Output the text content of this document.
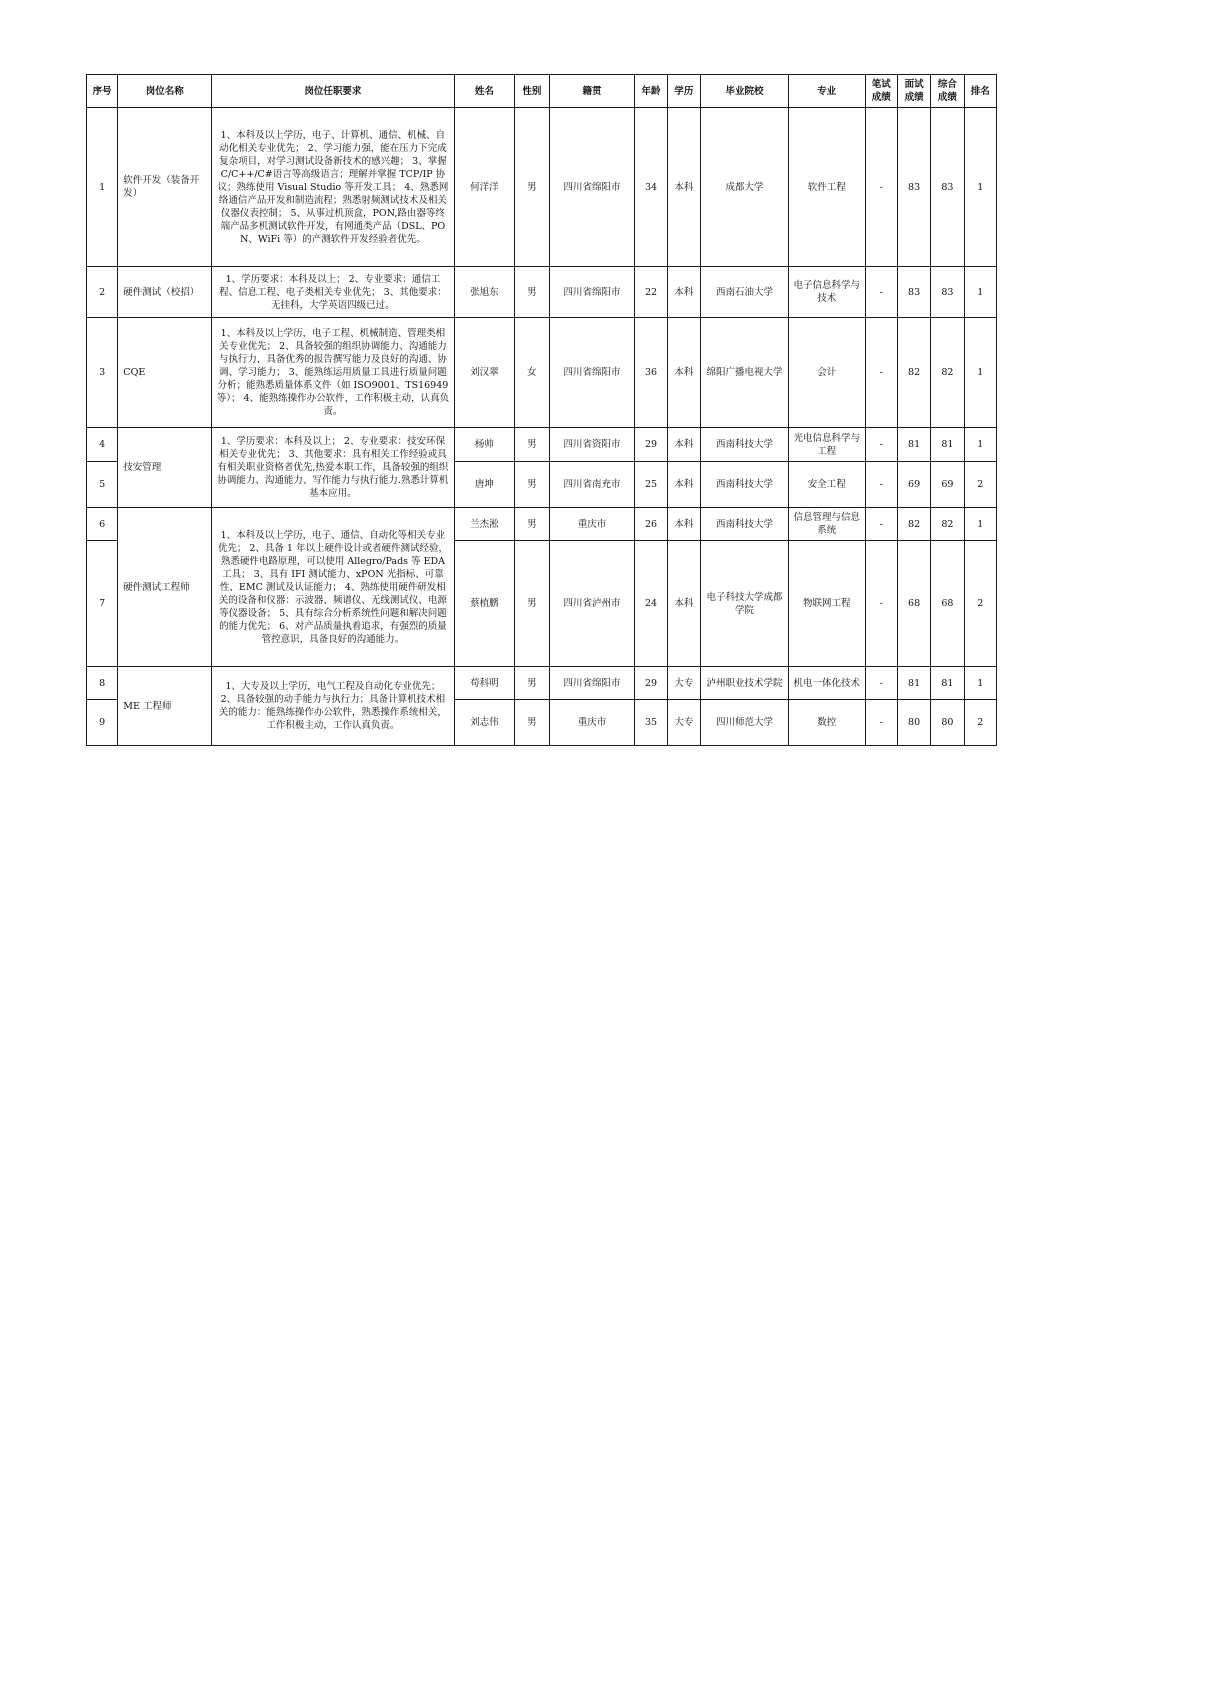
序号	岗位名称	岗位任职要求	姓名	性别	籍贯	年龄	学历	毕业院校	专业	笔试成绩	面试成绩	综合成绩	排名
1	软件开发（装备开发）	1、本科及以上学历，电子、计算机、通信、机械、自动化相关专业优先； 2、学习能力强，能在压力下完成复杂项目，对学习测试设备新技术的感兴趣； 3、掌握 C/C++/C#语言等高级语言；理解并掌握 TCP/IP 协议；熟练使用 Visual Studio 等开发工具； 4、熟悉网络通信产品开发和制造流程；熟悉射频测试技术及相关仪器仪表控制； 5、从事过机顶盒，PON,路由器等终端产品多机测试软件开发，有网通类产品（DSL、PON、WiFi 等）的产测软件开发经验者优先。	何洋洋	男	四川省绵阳市	34	本科	成都大学	软件工程	-	83	83	1
2	硬件测试（校招）	1、学历要求：本科及以上； 2、专业要求：通信工程、信息工程、电子类相关专业优先； 3、其他要求：无挂科，大学英语四级已过。	张旭东	男	四川省绵阳市	22	本科	西南石油大学	电子信息科学与技术	-	83	83	1
3	CQE	1、本科及以上学历，电子工程、机械制造、管理类相关专业优先； 2、具备较强的组织协调能力、沟通能力与执行力，具备优秀的报告撰写能力及良好的沟通、协调、学习能力； 3、能熟练运用质量工具进行质量问题分析；能熟悉质量体系文件（如 ISO9001、TS16949 等）； 4、能熟练操作办公软件，工作积极主动，认真负责。	刘汉翠	女	四川省绵阳市	36	本科	绵阳广播电视大学	会计	-	82	82	1
4	技安管理	1、学历要求：本科及以上； 2、专业要求：技安环保相关专业优先； 3、其他要求：具有相关工作经验或具有相关职业资格者优先,热爱本职工作，具备较强的组织协调能力、沟通能力、写作能力与执行能力.熟悉计算机基本应用。	杨帅	男	四川省资阳市	29	本科	西南科技大学	光电信息科学与工程	-	81	81	1
5			唐坤	男	四川省南充市	25	本科	西南科技大学	安全工程	-	69	69	2
6	硬件测试工程师	1、本科及以上学历，电子、通信、自动化等相关专业优先； 2、具备 1 年以上硬件设计或者硬件测试经验，熟悉硬件电路原理，可以使用 Allegro/Pads 等 EDA 工具； 3、具有 IFI 测试能力、xPON 光指标、可靠性、EMC 测试及认证能力； 4、熟练使用硬件研发相关的设备和仪器：示波器、频谱仪、无线测试仪、电源等仪器设备； 5、具有综合分析系统性问题和解决问题的能力优先； 6、对产品质量执着追求，有强烈的质量管控意识，具备良好的沟通能力。	兰杰淞	男	重庆市	26	本科	西南科技大学	信息管理与信息系统	-	82	82	1
7			蔡植鹏	男	四川省泸州市	24	本科	电子科技大学成都学院	物联网工程	-	68	68	2
8	ME 工程师	1、大专及以上学历，电气工程及自动化专业优先； 2、具备较强的动手能力与执行力；具备计算机技术相关的能力：能熟练操作办公软件，熟悉操作系统相关，工作积极主动，工作认真负责。	苟科明	男	四川省绵阳市	29	大专	泸州职业技术学院	机电一体化技术	-	81	81	1
9			刘志伟	男	重庆市	35	大专	四川师范大学	数控	-	80	80	2
